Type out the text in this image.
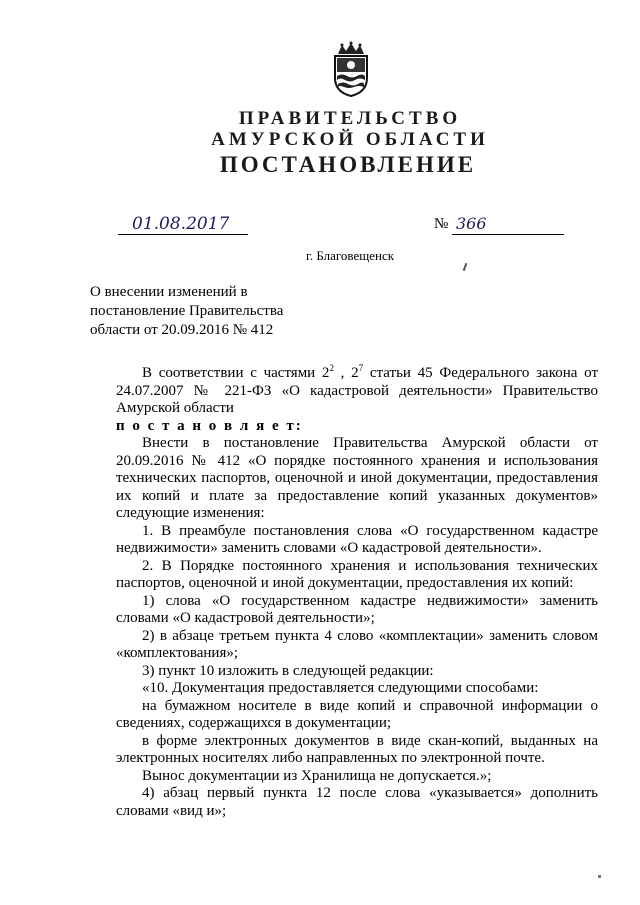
ПРАВИТЕЛЬСТВО
АМУРСКОЙ ОБЛАСТИ
ПОСТАНОВЛЕНИЕ
01.08.2017	№ 366
г. Благовещенск
О внесении изменений в
постановление Правительства
области от 20.09.2016 № 412

В соответствии с частями $2^2$ , $2^7$ статьи 45 Федерального закона от 24.07.2007 № 221-ФЗ «О кадастровой деятельности» Правительство Амурской области

п о с т а н о в л я е т:

Внести в постановление Правительства Амурской области от 20.09.2016 № 412 «О порядке постоянного хранения и использования технических паспортов, оценочной и иной документации, предоставления их копий и плате за предоставление копий указанных документов» следующие изменения:

1. В преамбуле постановления слова «О государственном кадастре недвижимости» заменить словами «О кадастровой деятельности».

2. В Порядке постоянного хранения и использования технических паспортов, оценочной и иной документации, предоставления их копий:

1) слова «О государственном кадастре недвижимости» заменить словами «О кадастровой деятельности»;

2) в абзаце третьем пункта 4 слово «комплектации» заменить словом «комплектования»;

3) пункт 10 изложить в следующей редакции:

«10. Документация предоставляется следующими способами:

на бумажном носителе в виде копий и справочной информации о сведениях, содержащихся в документации;

в форме электронных документов в виде скан-копий, выданных на электронных носителях либо направленных по электронной почте.

Вынос документации из Хранилища не допускается.»;

4) абзац первый пункта 12 после слова «указывается» дополнить словами «вид и»;
